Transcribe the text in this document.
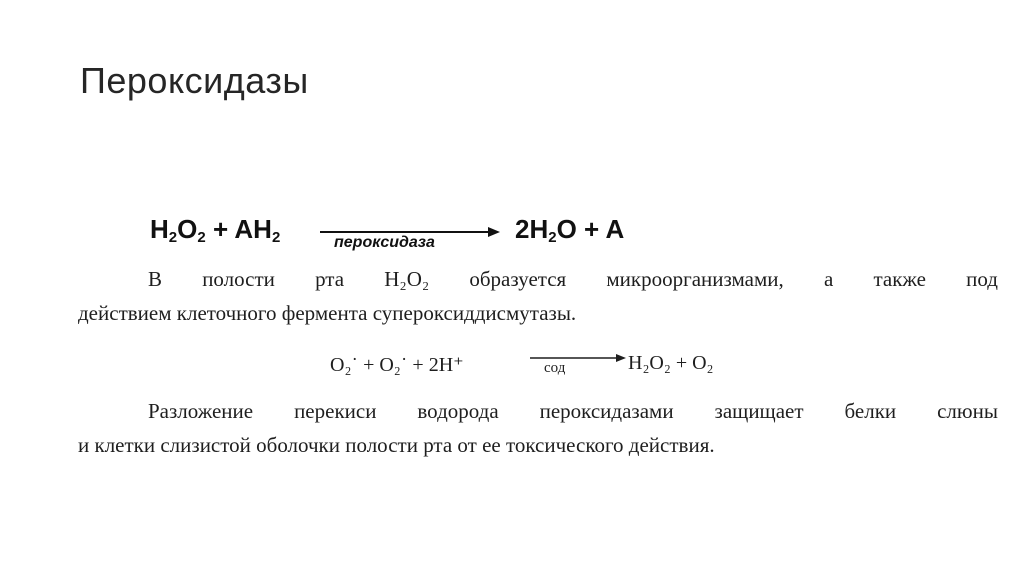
Пероксидазы
$H_2O_2 + AH_2$	пероксидаза	$2H_2O + A$
В полости рта H₂O₂ образуется микроорганизмами, а также под
действием клеточного фермента супероксиддисмутазы.
O₂˙ + O₂˙ + 2H⁺	сод	H₂O₂ + O₂
Разложение перекиси водорода пероксидазами защищает белки слюны
и клетки слизистой оболочки полости рта от ее токсического действия.
